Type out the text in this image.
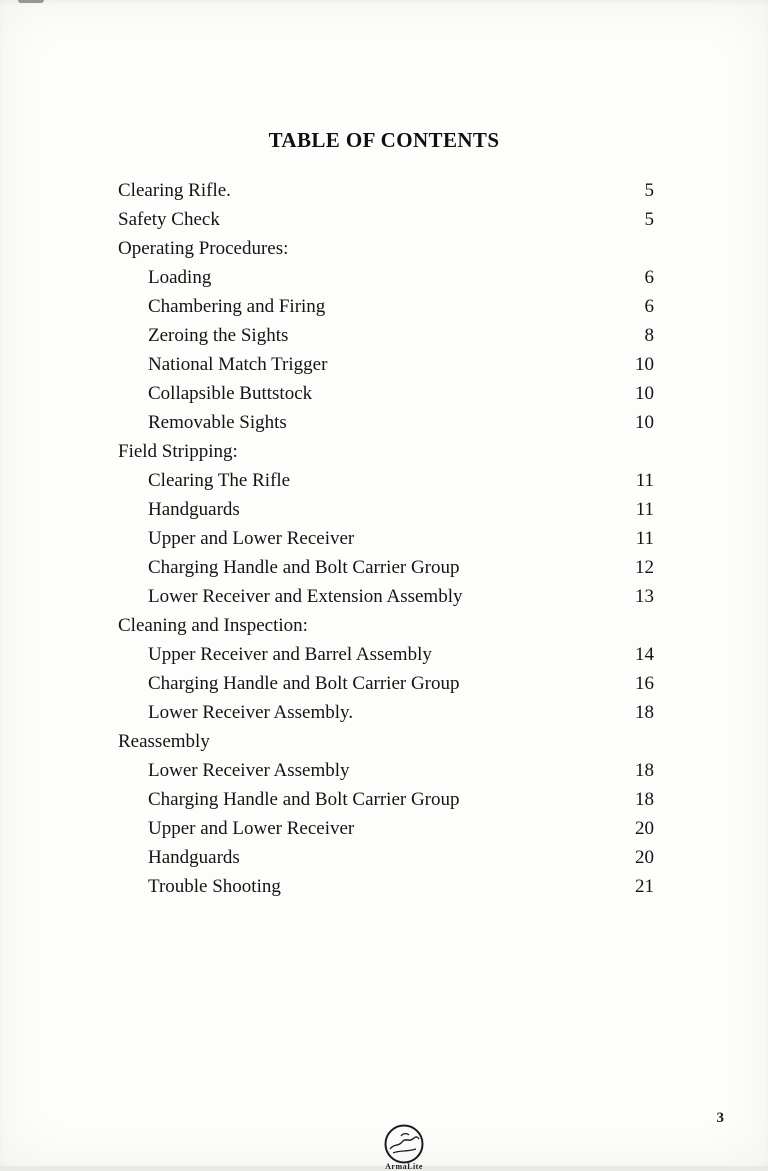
TABLE OF CONTENTS
Clearing Rifle.	5
Safety Check	5
Operating Procedures:
Loading	6
Chambering and Firing	6
Zeroing the Sights	8
National Match Trigger	10
Collapsible Buttstock	10
Removable Sights	10
Field Stripping:
Clearing The Rifle	11
Handguards	11
Upper and Lower Receiver	11
Charging Handle and Bolt Carrier Group	12
Lower Receiver and Extension Assembly	13
Cleaning and Inspection:
Upper Receiver and Barrel Assembly	14
Charging Handle and Bolt Carrier Group	16
Lower Receiver Assembly.	18
Reassembly
Lower Receiver Assembly	18
Charging Handle and Bolt Carrier Group	18
Upper and Lower Receiver	20
Handguards	20
Trouble Shooting	21
ArmaLite
3
